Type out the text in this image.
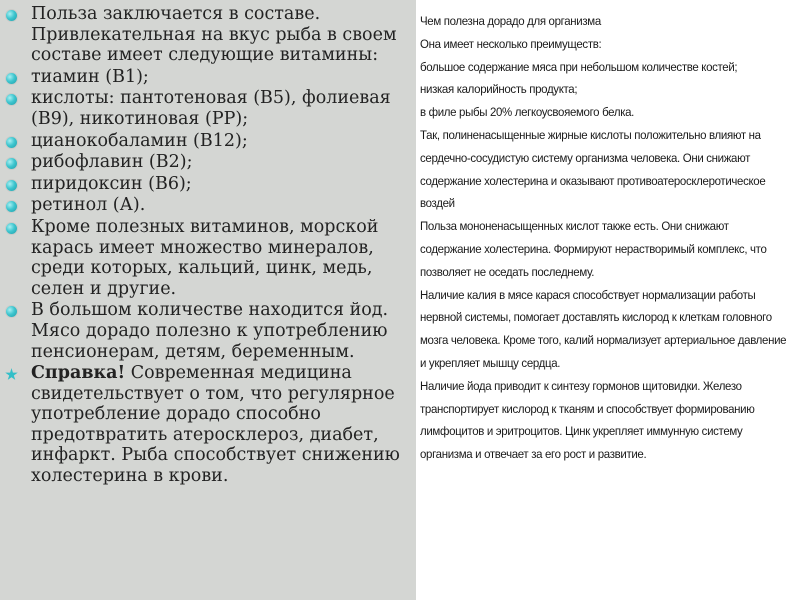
Польза заключается в составе. Привлекательная на вкус рыба в своем составе имеет следующие витамины:
тиамин (В1);
кислоты: пантотеновая (В5), фолиевая (В9), никотиновая (РР);
цианокобаламин (В12);
рибофлавин (В2);
пиридоксин (В6);
ретинол (А).
Кроме полезных витаминов, морской карась имеет множество минералов, среди которых, кальций, цинк, медь, селен и другие.
В большом количестве находится йод. Мясо дорадо полезно к употреблению пенсионерам, детям, беременным.
Справка! Современная медицина свидетельствует о том, что регулярное употребление дорадо способно предотвратить атеросклероз, диабет, инфаркт. Рыба способствует снижению холестерина в крови.

Чем полезна дорадо для организма

Она имеет несколько преимуществ:

большое содержание мяса при небольшом количестве костей;

низкая калорийность продукта;

в филе рыбы 20% легкоусвояемого белка.

Так, полиненасыщенные жирные кислоты положительно влияют на

сердечно-сосудистую систему организма человека. Они снижают

содержание холестерина и оказывают противоатеросклеротическое

воздей

Польза мононенасыщенных кислот также есть. Они снижают

содержание холестерина. Формируют нерастворимый комплекс, что

позволяет не оседать последнему.

Наличие калия в мясе карася способствует нормализации работы

нервной системы, помогает доставлять кислород к клеткам головного

мозга человека. Кроме того, калий нормализует артериальное давление

и укрепляет мышцу сердца.

Наличие йода приводит к синтезу гормонов щитовидки. Железо

транспортирует кислород к тканям и способствует формированию

лимфоцитов и эритроцитов. Цинк укрепляет иммунную систему

организма и отвечает за его рост и развитие.
